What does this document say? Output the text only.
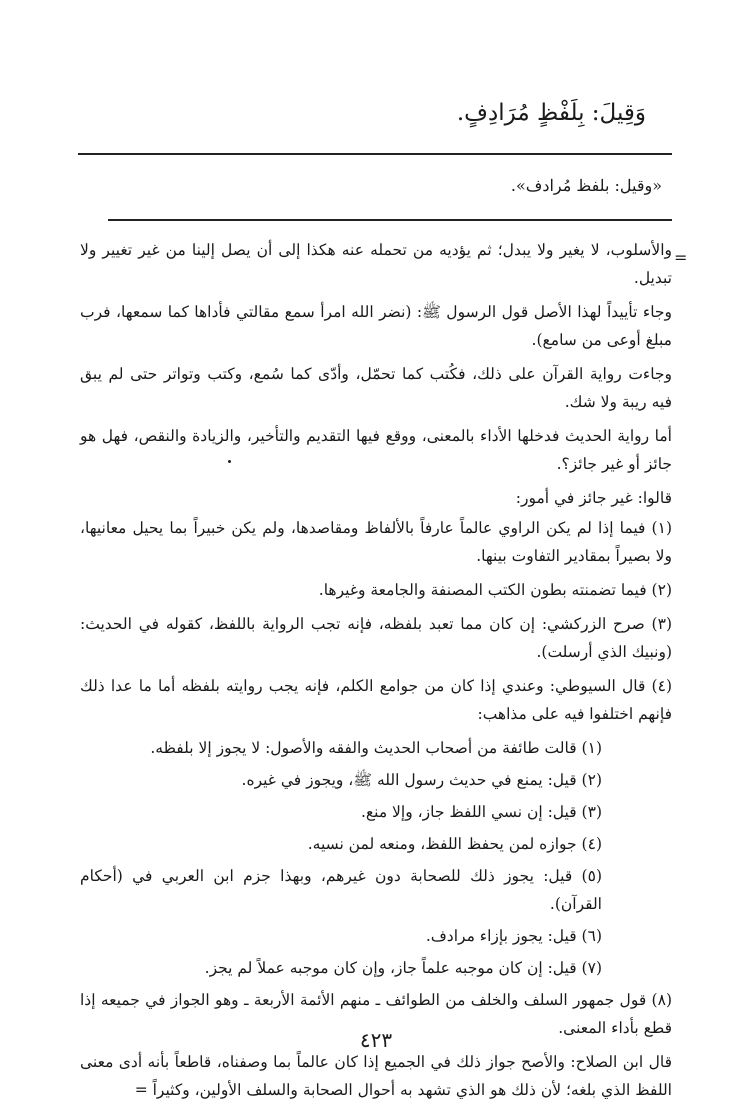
وَقِيلَ: بِلَفْظٍ مُرَادِفٍ.
«وقيل: بلفظ مُرادف».
=

والأسلوب، لا يغير ولا يبدل؛ ثم يؤديه من تحمله عنه هكذا إلى أن يصل إلينا من غير تغيير ولا تبديل.

وجاء تأييداً لهذا الأصل قول الرسول ﷺ: (نضر الله امرأ سمع مقالتي فأداها كما سمعها، فرب مبلغ أوعى من سامع).

وجاءت رواية القرآن على ذلك، فكُتب كما تحمّل، وأدّى كما سُمع، وكتب وتواتر حتى لم يبق فيه ريبة ولا شك.

أما رواية الحديث فدخلها الأداء بالمعنى، ووقع فيها التقديم والتأخير، والزيادة والنقص، فهل هو جائز أو غير جائز؟.

قالوا: غير جائز في أمور:

(١) فيما إذا لم يكن الراوي عالماً عارفاً بالألفاظ ومقاصدها، ولم يكن خبيراً بما يحيل معانيها، ولا بصيراً بمقادير التفاوت بينها.

(٢) فيما تضمنته بطون الكتب المصنفة والجامعة وغيرها.

(٣) صرح الزركشي: إن كان مما تعبد بلفظه، فإنه تجب الرواية باللفظ، كقوله في الحديث: (ونبيك الذي أرسلت).

(٤) قال السيوطي: وعندي إذا كان من جوامع الكلم، فإنه يجب روايته بلفظه أما ما عدا ذلك فإنهم اختلفوا فيه على مذاهب:

(١) قالت طائفة من أصحاب الحديث والفقه والأصول: لا يجوز إلا بلفظه.

(٢) قيل: يمنع في حديث رسول الله ﷺ، ويجوز في غيره.

(٣) قيل: إن نسي اللفظ جاز، وإلا منع.

(٤) جوازه لمن يحفظ اللفظ، ومنعه لمن نسيه.

(٥) قيل: يجوز ذلك للصحابة دون غيرهم، وبهذا جزم ابن العربي في (أحكام القرآن).

(٦) قيل: يجوز بإزاء مرادف.

(٧) قيل: إن كان موجبه علماً جاز، وإن كان موجبه عملاً لم يجز.

(٨) قول جمهور السلف والخلف من الطوائف ـ منهم الأئمة الأربعة ـ وهو الجواز في جميعه إذا قطع بأداء المعنى.

قال ابن الصلاح: والأصح جواز ذلك في الجميع إذا كان عالماً بما وصفناه، قاطعاً بأنه أدى معنى اللفظ الذي بلغه؛ لأن ذلك هو الذي تشهد به أحوال الصحابة والسلف الأولين، وكثيراً =

٤٢٣
